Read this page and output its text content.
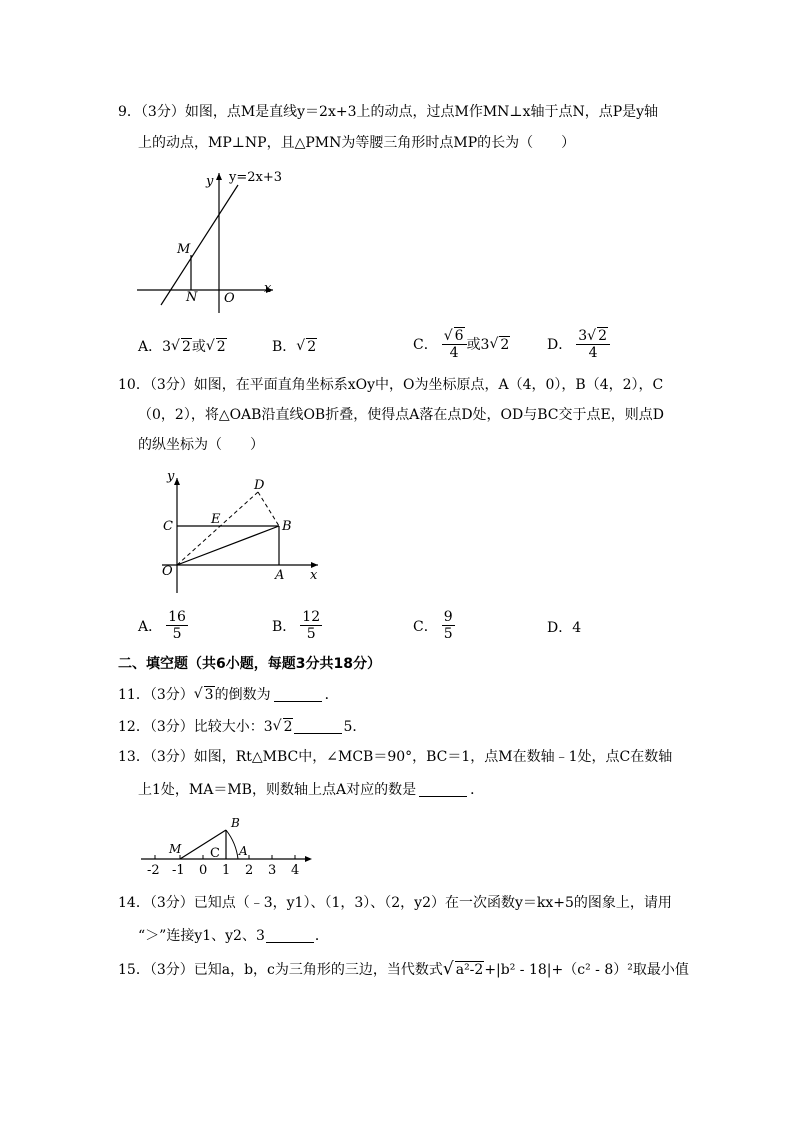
9．（3分）如图，点M是直线y＝2x+3上的动点，过点M作MN⊥x轴于点N，点P是y轴
上的动点，MP⊥NP，且△PMN为等腰三角形时点MP的长为（　　）
y=2x+3
y
x
M
N O
A．3 √ 2 或 √ 2	B． √ 2	C． $\frac{√ 6}{4}$ 或3 √ 2	D． $\frac{3√ 2}{4}$
10．（3分）如图，在平面直角坐标系xOy中，O为坐标原点，A（4，0），B（4，2），C
（0，2），将△OAB沿直线OB折叠，使得点A落在点D处，OD与BC交于点E，则点D
的纵坐标为（　　）
y
x
D
C	E	B
O	A
A． $\frac{16}{5}$	B． $\frac{12}{5}$	C． $\frac{9}{5}$	D．4
二、填空题（共6小题，每题3分共18分）
11．（3分） √ 3 的倒数为	．
12．（3分）比较大小：3 √ 2	5．
13．（3分）如图，Rt△MBC中，∠MCB＝90°，BC＝1，点M在数轴﹣1处，点C在数轴
上1处，MA＝MB，则数轴上点A对应的数是	．
B
M C A
-2 -1 0 1 2 3 4
14．（3分）已知点（﹣3，y1）、（1，3）、（2，y2）在一次函数y＝kx+5的图象上，请用
“＞”连接y1、y2、3	．
15．（3分）已知a，b，c为三角形的三边，当代数式 √ a²-2 +|b² - 18|+（c² - 8）²取最小值
